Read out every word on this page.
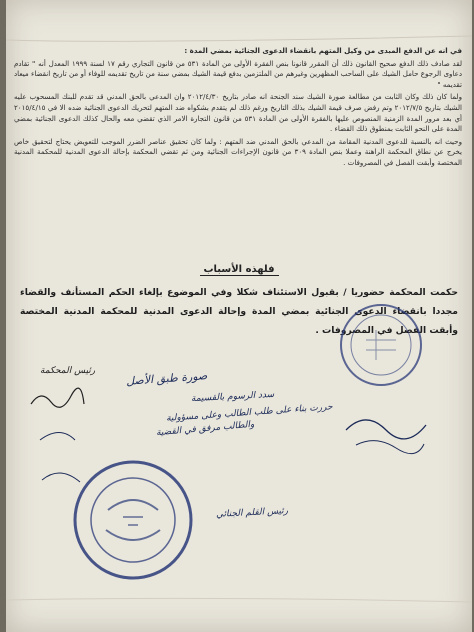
في انه عن الدفع المبدى من وكيل المتهم بانقضاء الدعوى الجنائية بمضي المدة :

لقد صادف ذلك الدفع صحيح القانون ذلك أن المقرر قانونا بنص الفقرة الأولى من المادة ٥٣١ من قانون التجاري رقم ١٧ لسنة ١٩٩٩ المعدل أنه " تقادم دعاوى الرجوع حامل الشيك على الساحب المظهرين وغيرهم من الملتزمين بدفع قيمة الشيك بمضي سنة من تاريخ تقديمه للوفاء أو من تاريخ انقضاء ميعاد تقديمه "

ولما كان ذلك وكان الثابت من مطالعة صورة الشيك سند الجنحة انه صادر بتاريخ ٢٠١٢/٤/٣٠ وان المدعي بالحق المدني قد تقدم للبنك المسحوب عليه الشيك بتاريخ ٢٠١٢/٧/٥ وتم رفض صرف قيمة الشيك بذلك التاريخ ورغم ذلك لم يتقدم بشكواه ضد المتهم لتحريك الدعوى الجنائية ضده الا في ٢٠١٥/٤/١٥ أي بعد مرور المدة الزمنية المنصوص عليها بالفقرة الأولى من المادة ٥٣١ من قانون التجارة الامر الذي تقضي معه والحال كذلك الدعوى الجنائية بمضي المدة على النحو الثابت بمنطوق ذلك القضاء .

وحيث انه بالنسبة للدعوى المدنية المقامة من المدعي بالحق المدني ضد المتهم : ولما كان تحقيق عناصر الضرر الموجب للتعويض يحتاج لتحقيق خاص يخرج عن نطاق المحكمة الراهنة وعملا بنص المادة ٣٠٩ من قانون الإجراءات الجنائية ومن ثم تقضي المحكمة بإحالة الدعوى المدنية للمحكمة المدنية المختصة وأبقت الفصل في المصروفات .

فلهذه الأسباب
حكمت المحكمة حضوريا / بقبول الاستئناف شكلا وفي الموضوع بإلغاء الحكم المستأنف والقضاء مجددا بانقضاء الدعوى الجنائية بمضي المدة وإحالة الدعوى المدنية للمحكمة المدنية المختصة وأبقت الفصل في المصروفات .
رئيس المحكمة	صورة طبق الأصل
سدد الرسوم بالقسيمة
حررت بناء على طلب الطالب وعلى مسؤولية
والطالب مرفق في القضية
رئيس القلم الجنائي
